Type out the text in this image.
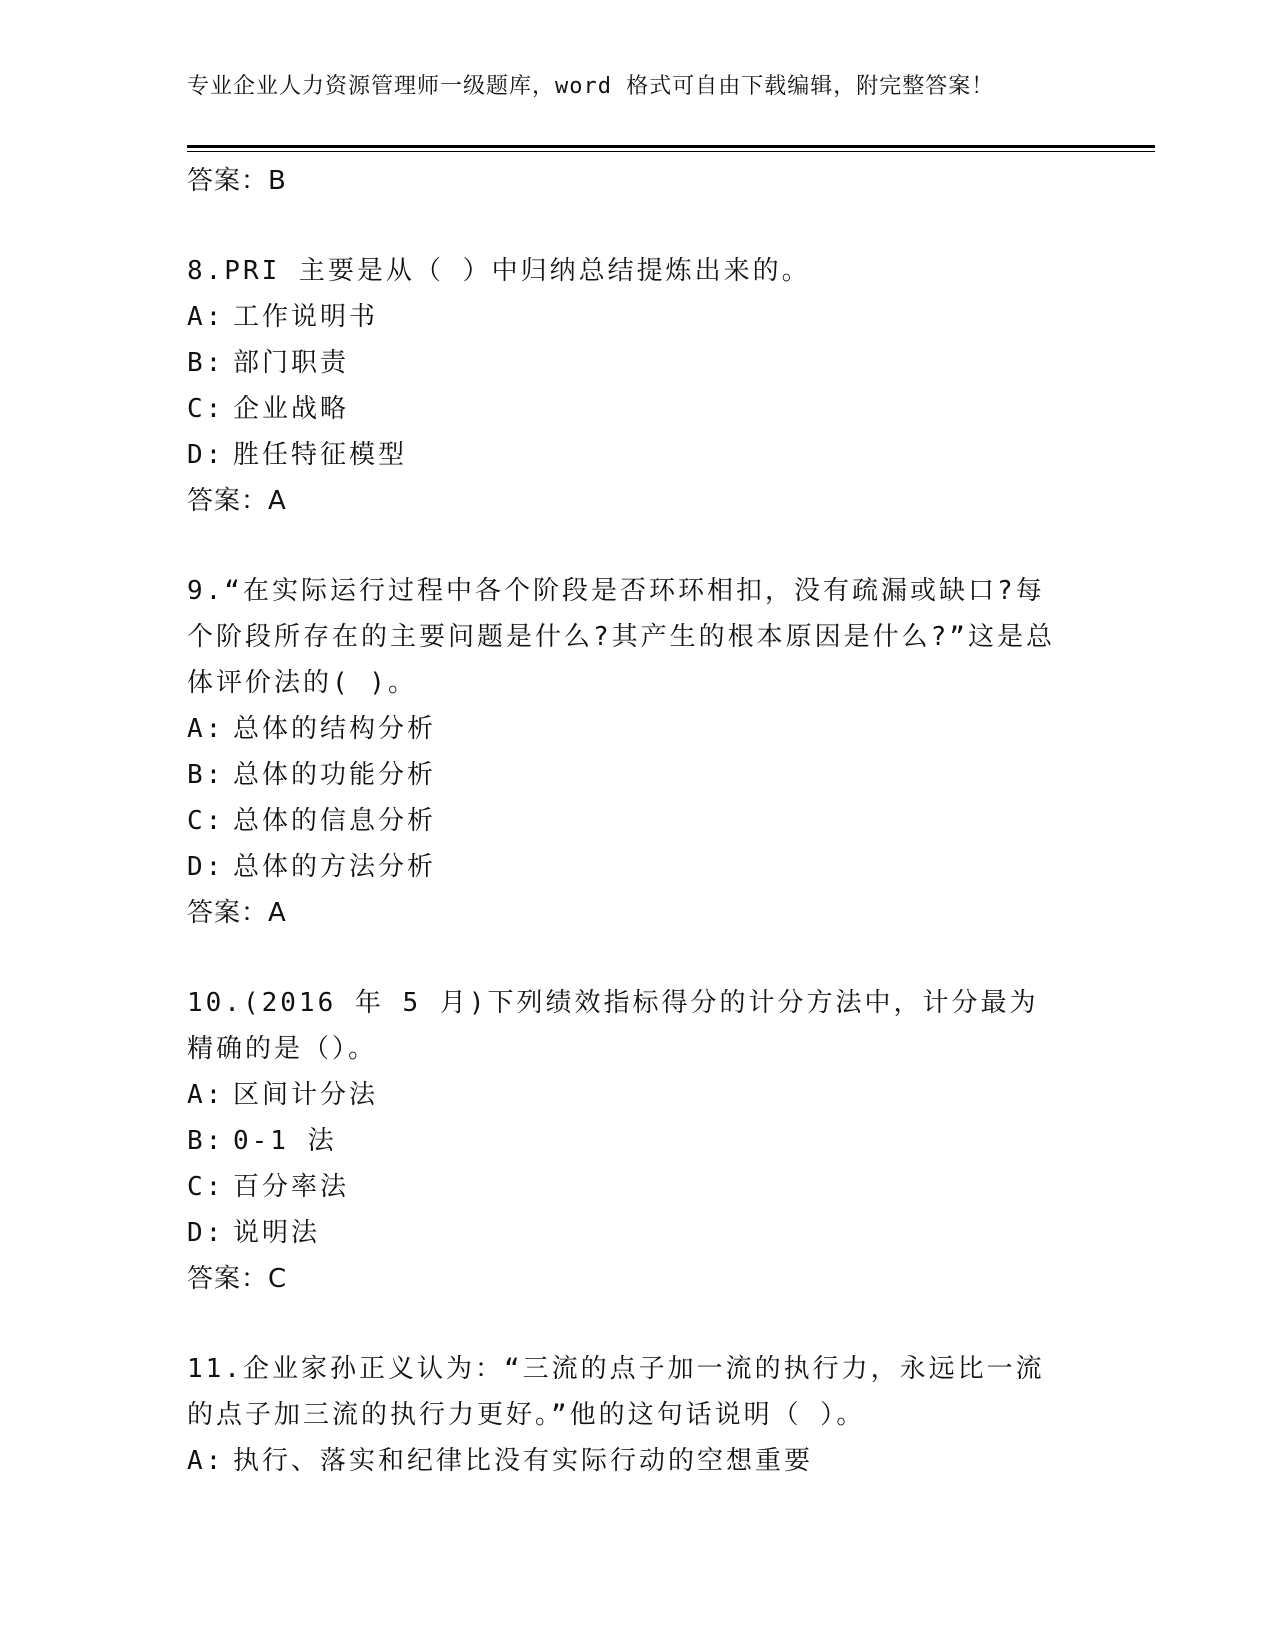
专业企业人力资源管理师一级题库，word 格式可自由下载编辑，附完整答案！
答案：B
8.PRI 主要是从（ ）中归纳总结提炼出来的。
A: 工作说明书
B: 部门职责
C: 企业战略
D: 胜任特征模型
答案：A
9.“在实际运行过程中各个阶段是否环环相扣，没有疏漏或缺口?每个阶段所存在的主要问题是什么?其产生的根本原因是什么?”这是总体评价法的( )。
A: 总体的结构分析
B: 总体的功能分析
C: 总体的信息分析
D: 总体的方法分析
答案：A
10.(2016 年 5 月)下列绩效指标得分的计分方法中，计分最为精确的是（）。
A: 区间计分法
B: 0-1 法
C: 百分率法
D: 说明法
答案：C
11.企业家孙正义认为：“三流的点子加一流的执行力，永远比一流的点子加三流的执行力更好。”他的这句话说明（ ）。
A: 执行、落实和纪律比没有实际行动的空想重要
